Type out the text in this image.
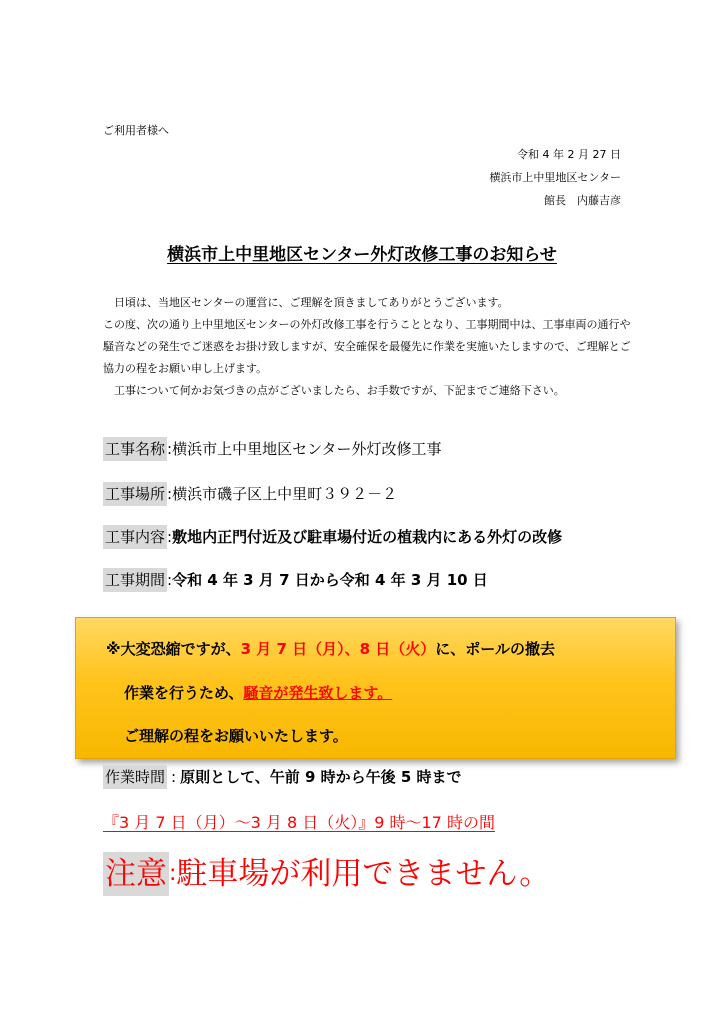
ご利用者様へ
令和 4 年 2 月 27 日
横浜市上中里地区センター
館長　内藤吉彦
横浜市上中里地区センター外灯改修工事のお知らせ

　日頃は、当地区センターの運営に、ご理解を頂きましてありがとうございます。

この度、次の通り上中里地区センターの外灯改修工事を行うこととなり、工事期間中は、工事車両の通行や騒音などの発生でご迷惑をお掛け致しますが、安全確保を最優先に作業を実施いたしますので、ご理解とご協力の程をお願い申し上げます。

　工事について何かお気づきの点がございましたら、お手数ですが、下記までご連絡下さい。

工事名称 : 横浜市上中里地区センター外灯改修工事
工事場所 : 横浜市磯子区上中里町３９２－２
工事内容 : 敷地内正門付近及び駐車場付近の植栽内にある外灯の改修
工事期間 : 令和 4 年 3 月 7 日から令和 4 年 3 月 10 日
※大変恐縮ですが、3 月 7 日（月）、8 日（火）に、ポールの撤去
作業を行うため、騒音が発生致します。
ご理解の程をお願いいたします。
作業時間 : 原則として、午前 9 時から午後 5 時まで
『3 月 7 日（月）～3 月 8 日（火）』9 時～17 時の間
注意 : 駐車場が利用できません。
